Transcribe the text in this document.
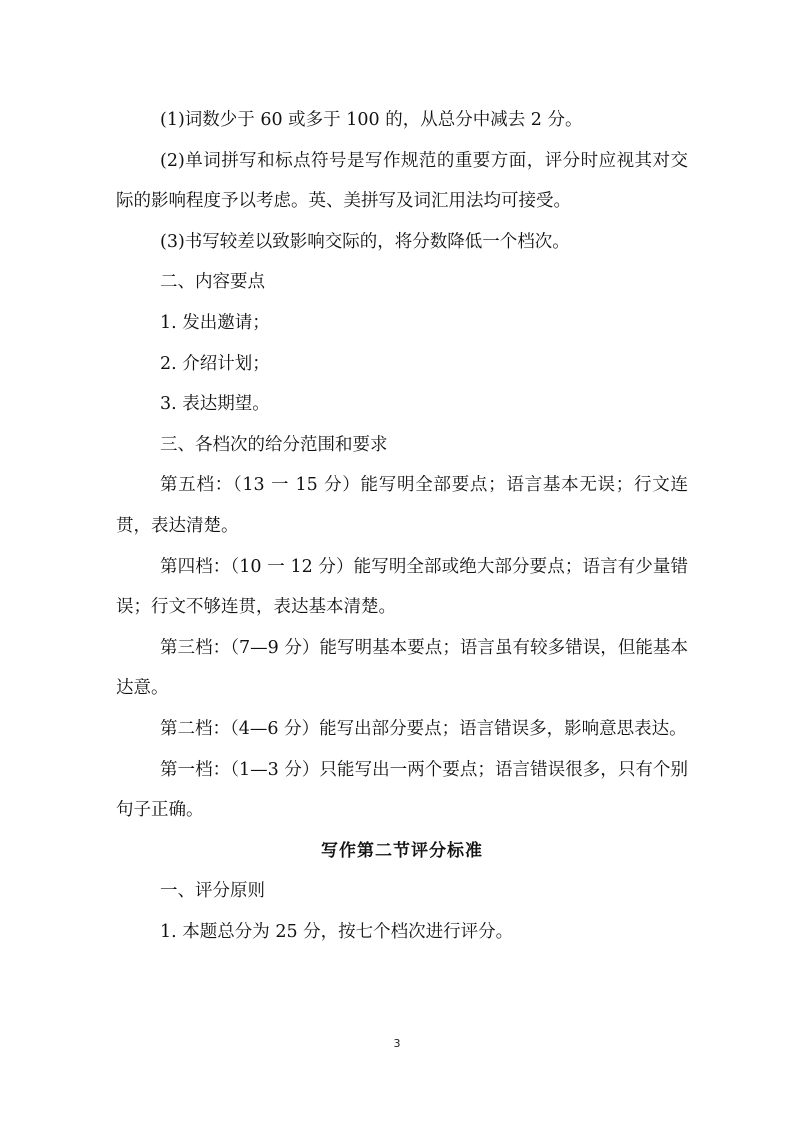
(1)词数少于 60 或多于 100 的，从总分中减去 2 分。

(2)单词拼写和标点符号是写作规范的重要方面，评分时应视其对交际的影响程度予以考虑。英、美拼写及词汇用法均可接受。

(3)书写较差以致影响交际的，将分数降低一个档次。

二、内容要点

1. 发出邀请；

2. 介绍计划；

3. 表达期望。

三、各档次的给分范围和要求

第五档：（13 一 15 分）能写明全部要点；语言基本无误；行文连贯，表达清楚。

第四档：（10 一 12 分）能写明全部或绝大部分要点；语言有少量错误；行文不够连贯，表达基本清楚。

第三档：（7—9 分）能写明基本要点；语言虽有较多错误，但能基本达意。

第二档：（4—6 分）能写出部分要点；语言错误多，影响意思表达。

第一档：（1—3 分）只能写出一两个要点；语言错误很多，只有个别句子正确。

写作第二节评分标准

一、评分原则

1. 本题总分为 25 分，按七个档次进行评分。

3
